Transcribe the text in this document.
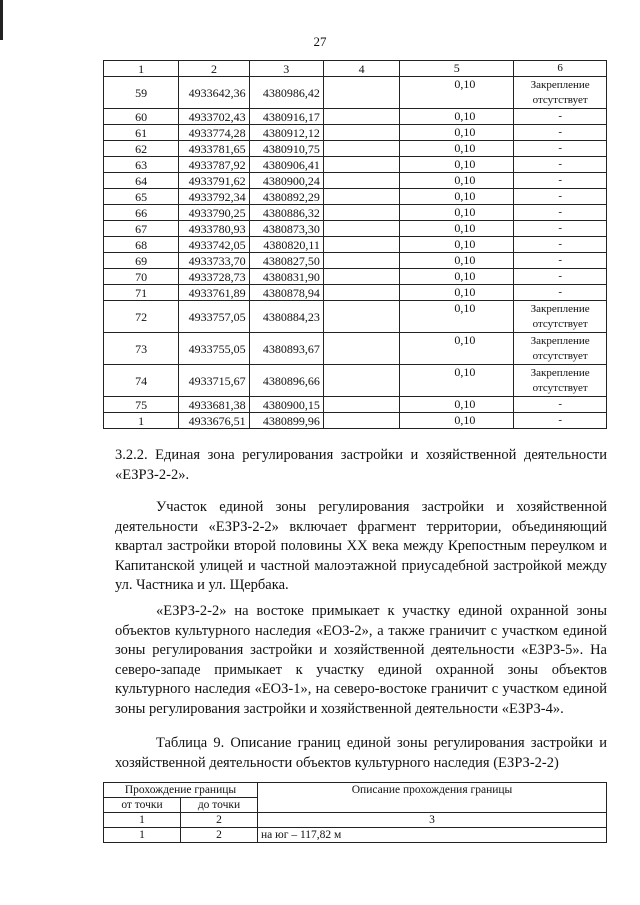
27
1	2	3	4	5	6
59	4933642,36	4380986,42		0,10	Закрепление отсутствует
60	4933702,43	4380916,17		0,10	-
61	4933774,28	4380912,12		0,10	-
62	4933781,65	4380910,75		0,10	-
63	4933787,92	4380906,41		0,10	-
64	4933791,62	4380900,24		0,10	-
65	4933792,34	4380892,29		0,10	-
66	4933790,25	4380886,32		0,10	-
67	4933780,93	4380873,30		0,10	-
68	4933742,05	4380820,11		0,10	-
69	4933733,70	4380827,50		0,10	-
70	4933728,73	4380831,90		0,10	-
71	4933761,89	4380878,94		0,10	-
72	4933757,05	4380884,23		0,10	Закрепление отсутствует
73	4933755,05	4380893,67		0,10	Закрепление отсутствует
74	4933715,67	4380896,66		0,10	Закрепление отсутствует
75	4933681,38	4380900,15		0,10	-
1	4933676,51	4380899,96		0,10	-
3.2.2. Единая зона регулирования застройки и хозяйственной деятельности «ЕЗРЗ-2-2».
Участок единой зоны регулирования застройки и хозяйственной деятельности «ЕЗРЗ-2-2» включает фрагмент территории, объединяющий квартал застройки второй половины XX века между Крепостным переулком и Капитанской улицей и частной малоэтажной приусадебной застройкой между ул. Частника и ул. Щербака.
«ЕЗРЗ-2-2» на востоке примыкает к участку единой охранной зоны объектов культурного наследия «ЕОЗ-2», а также граничит с участком единой зоны регулирования застройки и хозяйственной деятельности «ЕЗРЗ-5». На северо-западе примыкает к участку единой охранной зоны объектов культурного наследия «ЕОЗ-1», на северо-востоке граничит с участком единой зоны регулирования застройки и хозяйственной деятельности «ЕЗРЗ-4».
Таблица 9. Описание границ единой зоны регулирования застройки и хозяйственной деятельности объектов культурного наследия (ЕЗРЗ-2-2)
Прохождение границы		Описание прохождения границы
от точки	до точки	
1	2	3
1	2	на юг – 117,82 м
